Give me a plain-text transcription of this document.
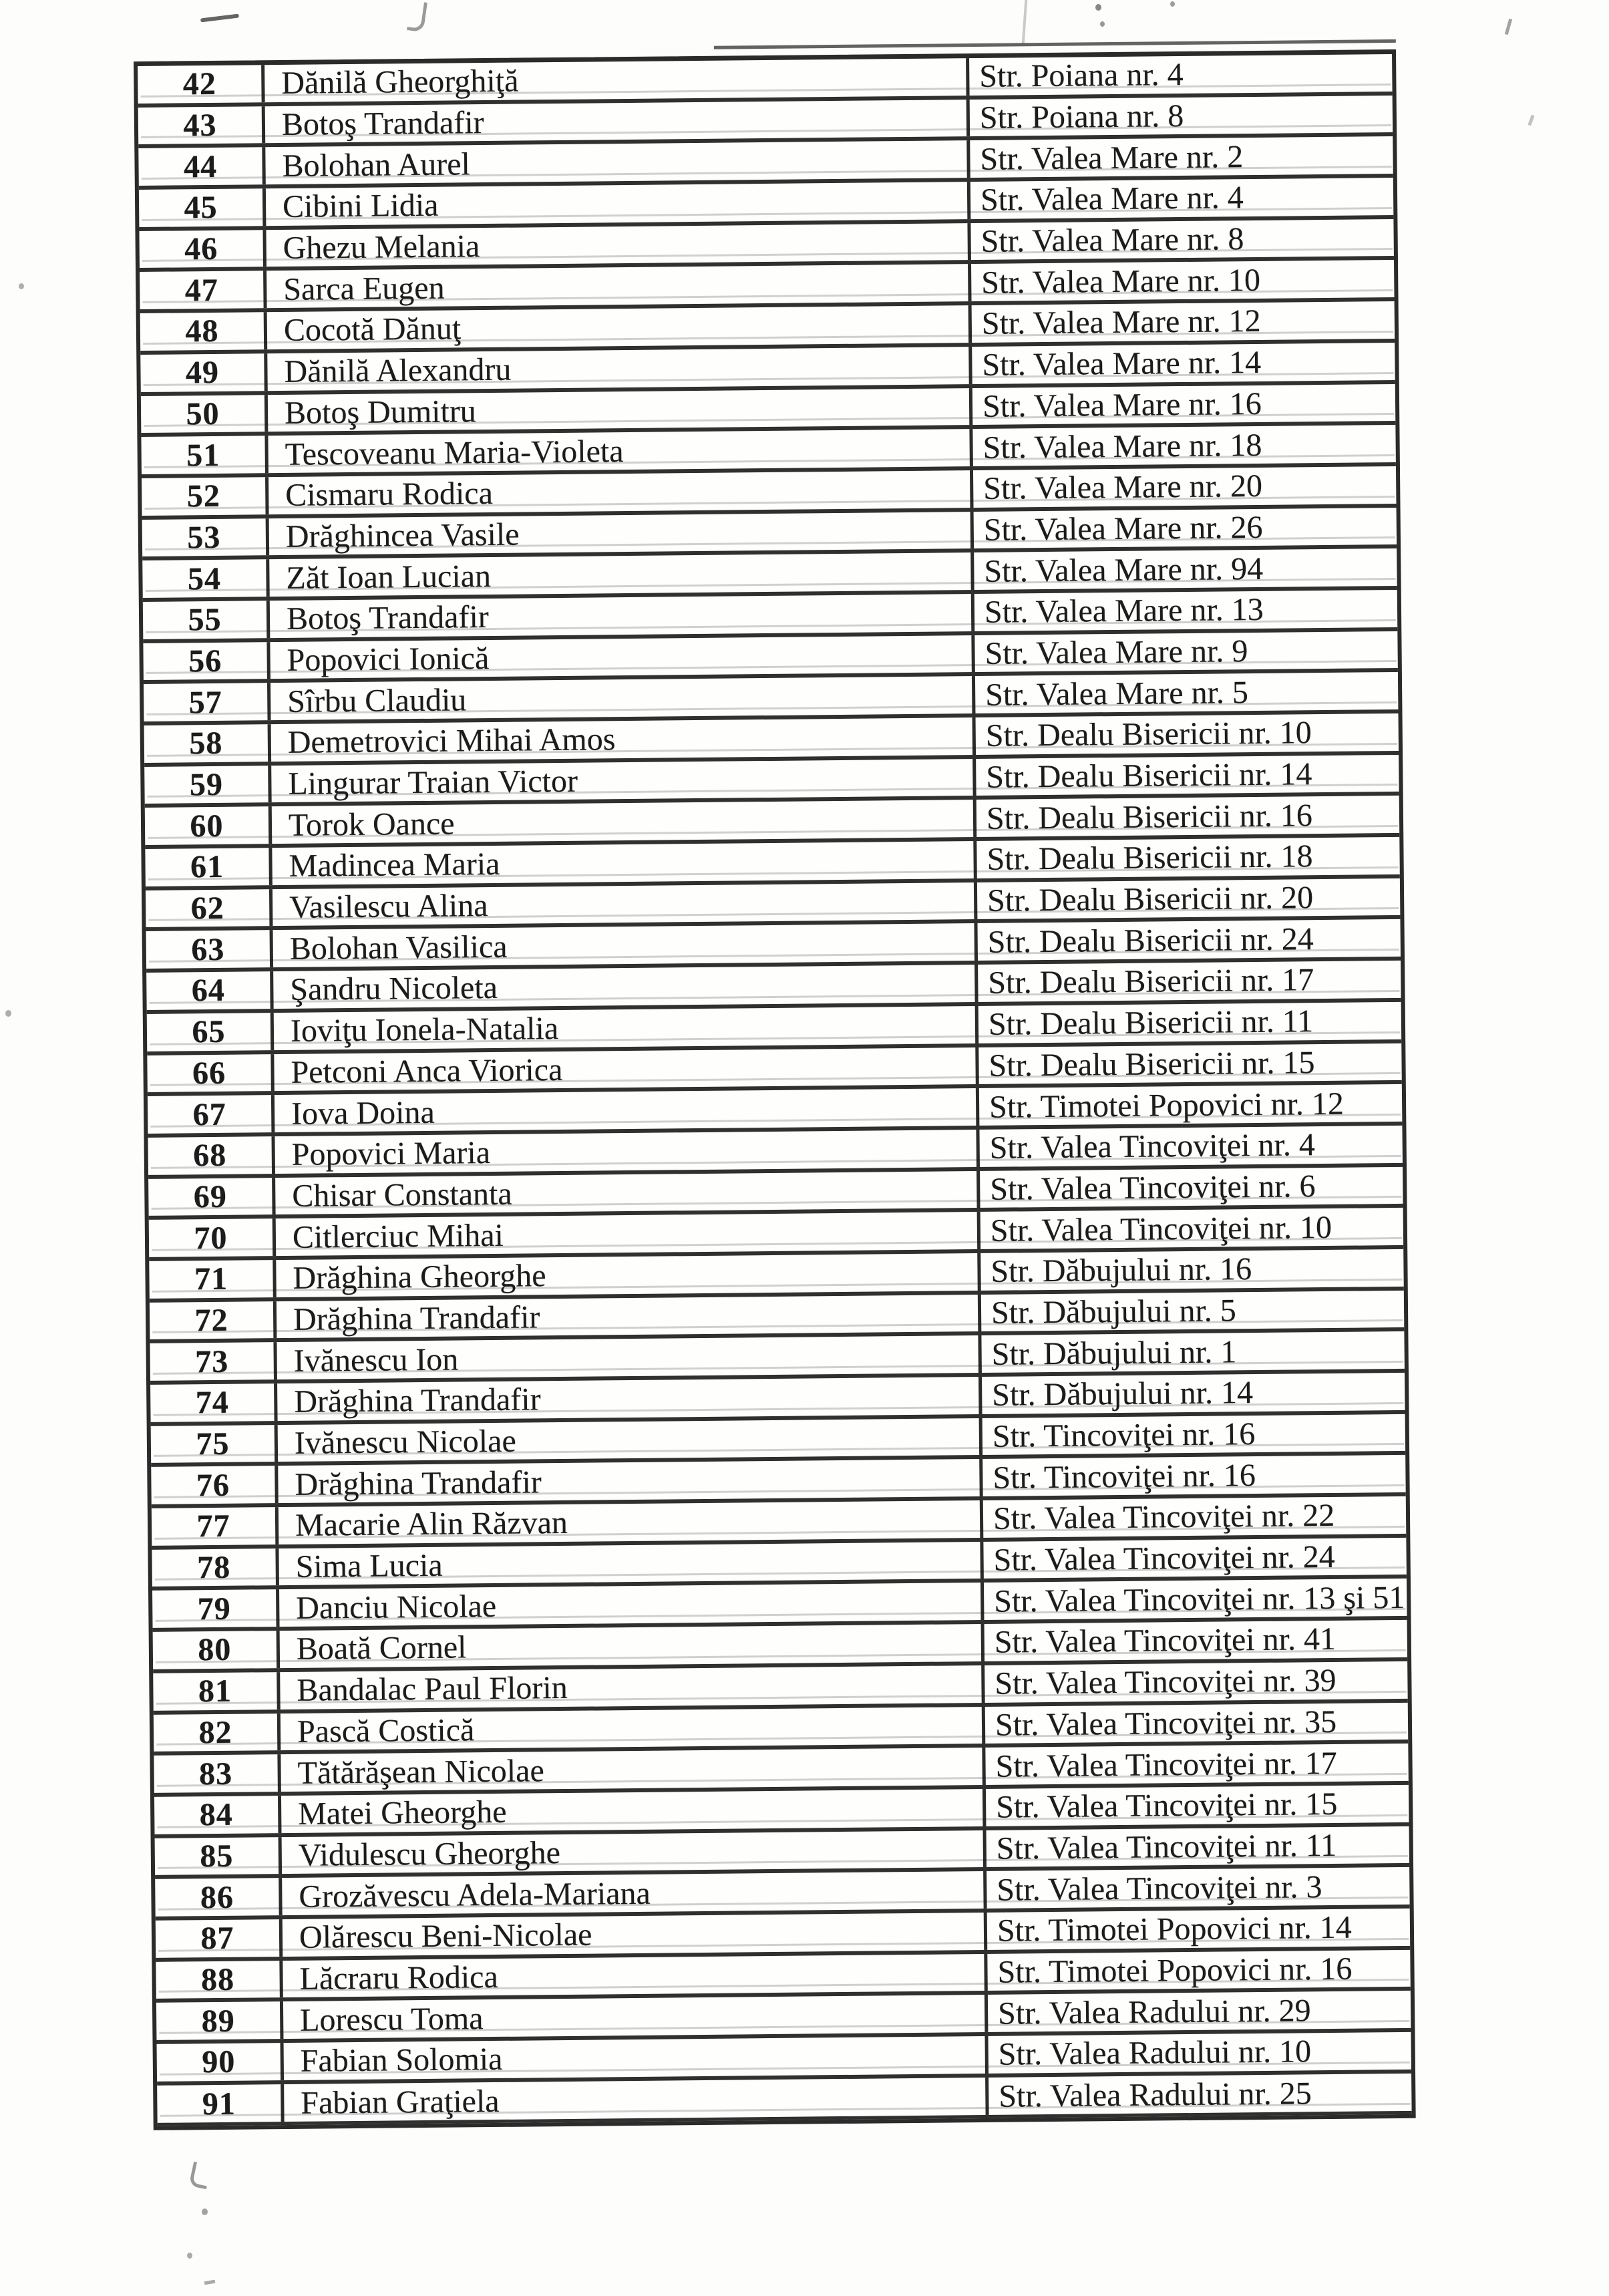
42 Dănilă Gheorghiţă	Str. Poiana nr. 4
43 Botoş Trandafir	Str. Poiana nr. 8
44 Bolohan Aurel	Str. Valea Mare nr. 2
45 Cibini Lidia	Str. Valea Mare nr. 4
46 Ghezu Melania	Str. Valea Mare nr. 8
47 Sarca Eugen	Str. Valea Mare nr. 10
48 Cocotă Dănuţ	Str. Valea Mare nr. 12
49 Dănilă Alexandru	Str. Valea Mare nr. 14
50 Botoş Dumitru	Str. Valea Mare nr. 16
51 Tescoveanu Maria-Violeta	Str. Valea Mare nr. 18
52 Cismaru Rodica	Str. Valea Mare nr. 20
53 Drăghincea Vasile	Str. Valea Mare nr. 26
54 Zăt Ioan Lucian	Str. Valea Mare nr. 94
55 Botoş Trandafir	Str. Valea Mare nr. 13
56 Popovici Ionică	Str. Valea Mare nr. 9
57 Sîrbu Claudiu	Str. Valea Mare nr. 5
58 Demetrovici Mihai Amos	Str. Dealu Bisericii nr. 10
59 Lingurar Traian Victor	Str. Dealu Bisericii nr. 14
60 Torok Oance	Str. Dealu Bisericii nr. 16
61 Madincea Maria	Str. Dealu Bisericii nr. 18
62 Vasilescu Alina	Str. Dealu Bisericii nr. 20
63 Bolohan Vasilica	Str. Dealu Bisericii nr. 24
64 Şandru Nicoleta	Str. Dealu Bisericii nr. 17
65 Ioviţu Ionela-Natalia	Str. Dealu Bisericii nr. 11
66 Petconi Anca Viorica	Str. Dealu Bisericii nr. 15
67 Iova Doina	Str. Timotei Popovici nr. 12
68 Popovici Maria	Str. Valea Tincoviţei nr. 4
69 Chisar Constanta	Str. Valea Tincoviţei nr. 6
70 Citlerciuc Mihai	Str. Valea Tincoviţei nr. 10
71 Drăghina Gheorghe	Str. Dăbujului nr. 16
72 Drăghina Trandafir	Str. Dăbujului nr. 5
73 Ivănescu Ion	Str. Dăbujului nr. 1
74 Drăghina Trandafir	Str. Dăbujului nr. 14
75 Ivănescu Nicolae	Str. Tincoviţei nr. 16
76 Drăghina Trandafir	Str. Tincoviţei nr. 16
77 Macarie Alin Răzvan	Str. Valea Tincoviţei nr. 22
78 Sima Lucia	Str. Valea Tincoviţei nr. 24
79 Danciu Nicolae	Str. Valea Tincoviţei nr. 13 şi 51
80 Boată Cornel	Str. Valea Tincoviţei nr. 41
81 Bandalac Paul Florin	Str. Valea Tincoviţei nr. 39
82 Pască Costică	Str. Valea Tincoviţei nr. 35
83 Tătărăşean Nicolae	Str. Valea Tincoviţei nr. 17
84 Matei Gheorghe	Str. Valea Tincoviţei nr. 15
85 Vidulescu Gheorghe	Str. Valea Tincoviţei nr. 11
86 Grozăvescu Adela-Mariana	Str. Valea Tincoviţei nr. 3
87 Olărescu Beni-Nicolae	Str. Timotei Popovici nr. 14
88 Lăcraru Rodica	Str. Timotei Popovici nr. 16
89 Lorescu Toma	Str. Valea Radului nr. 29
90 Fabian Solomia	Str. Valea Radului nr. 10
91 Fabian Graţiela	Str. Valea Radului nr. 25
